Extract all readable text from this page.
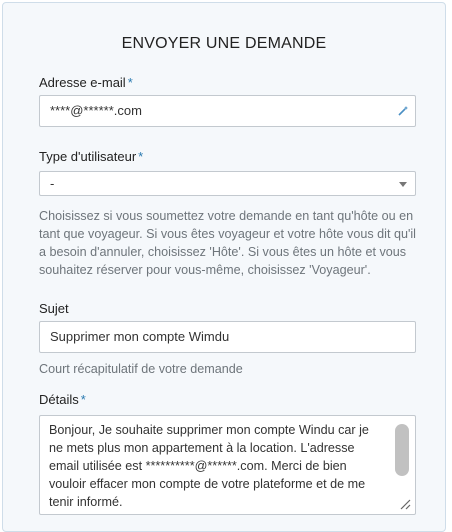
ENVOYER UNE DEMANDE
Adresse e-mail *
****@******.com
Type d'utilisateur *
-
Choisissez si vous soumettez votre demande en tant qu'hôte ou en tant que voyageur. Si vous êtes voyageur et votre hôte vous dit qu'il a besoin d'annuler, choisissez 'Hôte'. Si vous êtes un hôte et vous souhaitez réserver pour vous-même, choisissez 'Voyageur'.
Sujet
Supprimer mon compte Wimdu
Court récapitulatif de votre demande
Détails *
Bonjour, Je souhaite supprimer mon compte Windu car je ne mets plus mon appartement à la location. L'adresse email utilisée est **********@******.com. Merci de bien vouloir effacer mon compte de votre plateforme et de me tenir informé.
